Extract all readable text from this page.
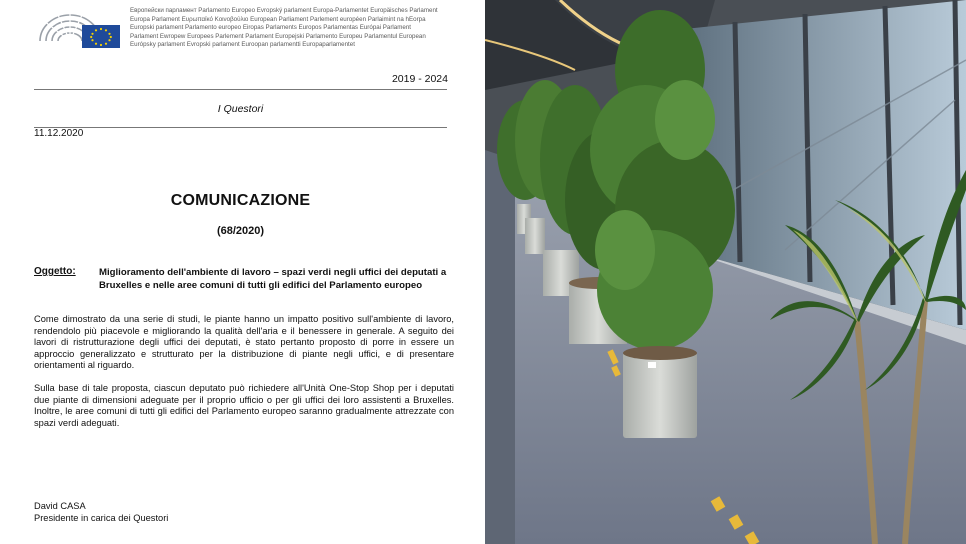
Европейски парламент Parlamento Europeo Evropský parlament Europa-Parlamentet Europäisches Parlament
Europa Parlament Ευρωπαϊκό Κοινοβούλιο European Parliament Parlement européen Parlaimint na hEorpa
Europski parlament Parlamento europeo Eiropas Parlaments Europos Parlamentas Európai Parlament
Parlament Ewropew Europees Parlement Parlament Europejski Parlamento Europeu Parlamentul European
Európsky parlament Evropski parlament Euroopan parlamentti Europaparlamentet
2019 - 2024
I Questori
11.12.2020
COMUNICAZIONE
(68/2020)
Oggetto: Miglioramento dell'ambiente di lavoro – spazi verdi negli uffici dei deputati a Bruxelles e nelle aree comuni di tutti gli edifici del Parlamento europeo
Come dimostrato da una serie di studi, le piante hanno un impatto positivo sull'ambiente di lavoro, rendendolo più piacevole e migliorando la qualità dell'aria e il benessere in generale. A seguito dei lavori di ristrutturazione degli uffici dei deputati, è stato pertanto proposto di porre in essere un approccio generalizzato e strutturato per la distribuzione di piante negli uffici, e di presentare orientamenti al riguardo.
Sulla base di tale proposta, ciascun deputato può richiedere all'Unità One-Stop Shop per i deputati due piante di dimensioni adeguate per il proprio ufficio o per gli uffici dei loro assistenti a Bruxelles. Inoltre, le aree comuni di tutti gli edifici del Parlamento europeo saranno gradualmente attrezzate con spazi verdi adeguati.
David CASA
Presidente in carica dei Questori
